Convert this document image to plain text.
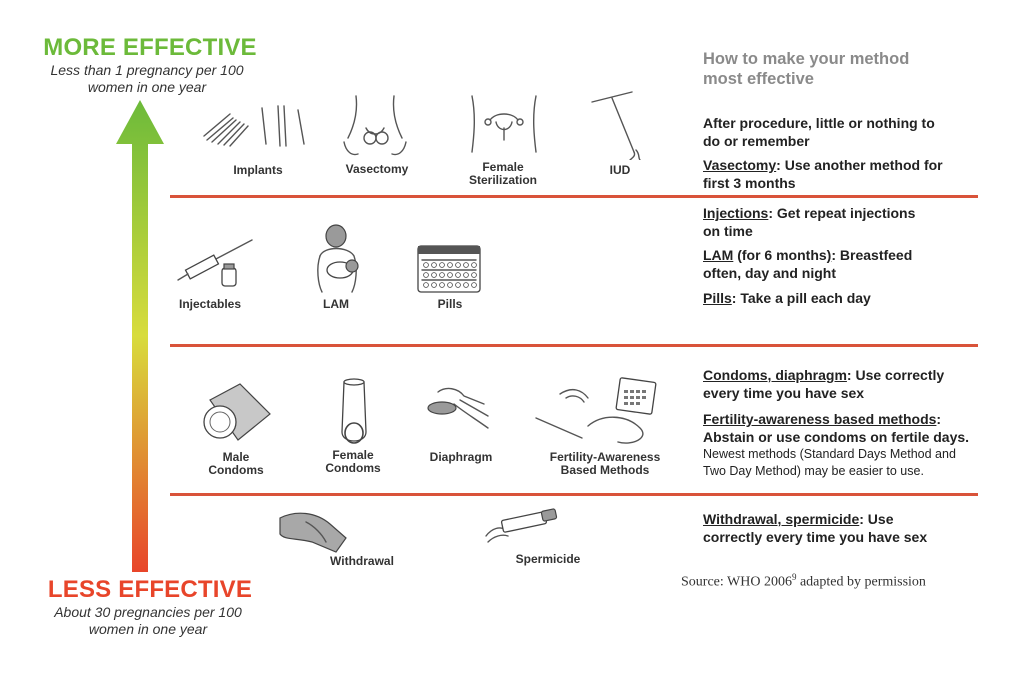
MORE EFFECTIVE
Less than 1 pregnancy per 100
women in one year
LESS EFFECTIVE
About 30 pregnancies per 100
women in one year
How to make your method
most effective
Implants	Vasectomy	Female
Sterilization
IUD
After procedure, little or nothing to
do or remember
Vasectomy: Use another method for
first 3 months
Injectables	LAM	Pills
Injections: Get repeat injections
on time
LAM (for 6 months): Breastfeed
often, day and night
Pills: Take a pill each day
Male
Condoms
Female
Condoms
Diaphragm	Fertility-Awareness
Based Methods
Condoms, diaphragm: Use correctly
every time you have sex
Fertility-awareness based methods:
Abstain or use condoms on fertile days.
Newest methods (Standard Days Method and
Two Day Method) may be easier to use.
Withdrawal	Spermicide
Withdrawal, spermicide: Use
correctly every time you have sex
Source: WHO 2006$^9$ adapted by permission
